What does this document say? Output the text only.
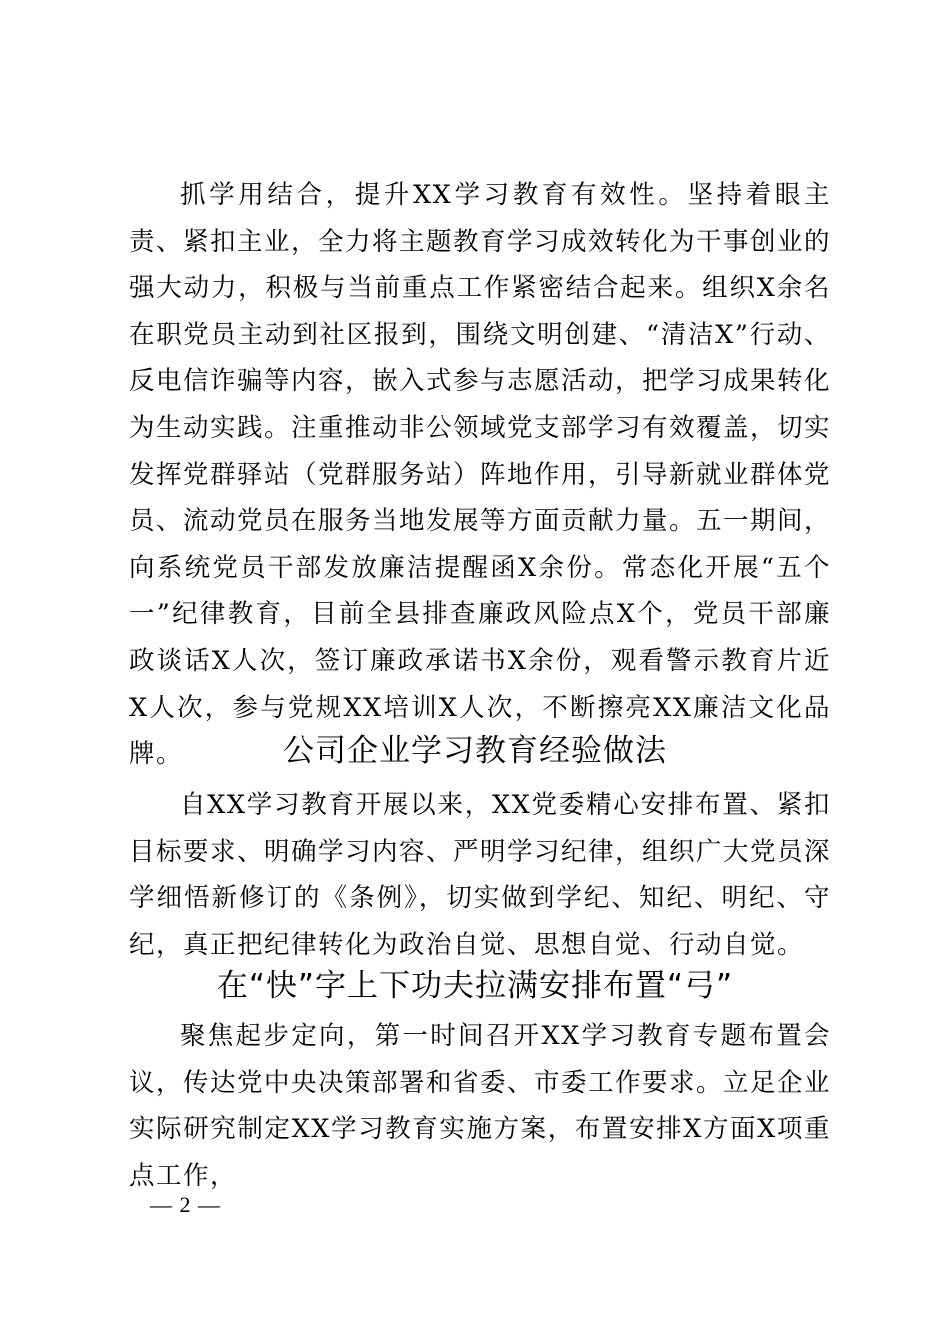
抓学用结合，提升XX学习教育有效性。坚持着眼主责、紧扣主业，全力将主题教育学习成效转化为干事创业的强大动力，积极与当前重点工作紧密结合起来。组织X余名在职党员主动到社区报到，围绕文明创建、“清洁X”行动、反电信诈骗等内容，嵌入式参与志愿活动，把学习成果转化为生动实践。注重推动非公领域党支部学习有效覆盖，切实发挥党群驿站（党群服务站）阵地作用，引导新就业群体党员、流动党员在服务当地发展等方面贡献力量。五一期间，向系统党员干部发放廉洁提醒函X余份。常态化开展“五个一”纪律教育，目前全县排查廉政风险点X个，党员干部廉政谈话X人次，签订廉政承诺书X余份，观看警示教育片近X人次，参与党规XX培训X人次，不断擦亮XX廉洁文化品牌。	公司企业学习教育经验做法

自XX学习教育开展以来，XX党委精心安排布置、紧扣目标要求、明确学习内容、严明学习纪律，组织广大党员深学细悟新修订的《条例》，切实做到学纪、知纪、明纪、守纪，真正把纪律转化为政治自觉、思想自觉、行动自觉。

在“快”字上下功夫拉满安排布置“弓”

聚焦起步定向，第一时间召开XX学习教育专题布置会议，传达党中央决策部署和省委、市委工作要求。立足企业实际研究制定XX学习教育实施方案，布置安排X方面X项重点工作，

— 2 —
